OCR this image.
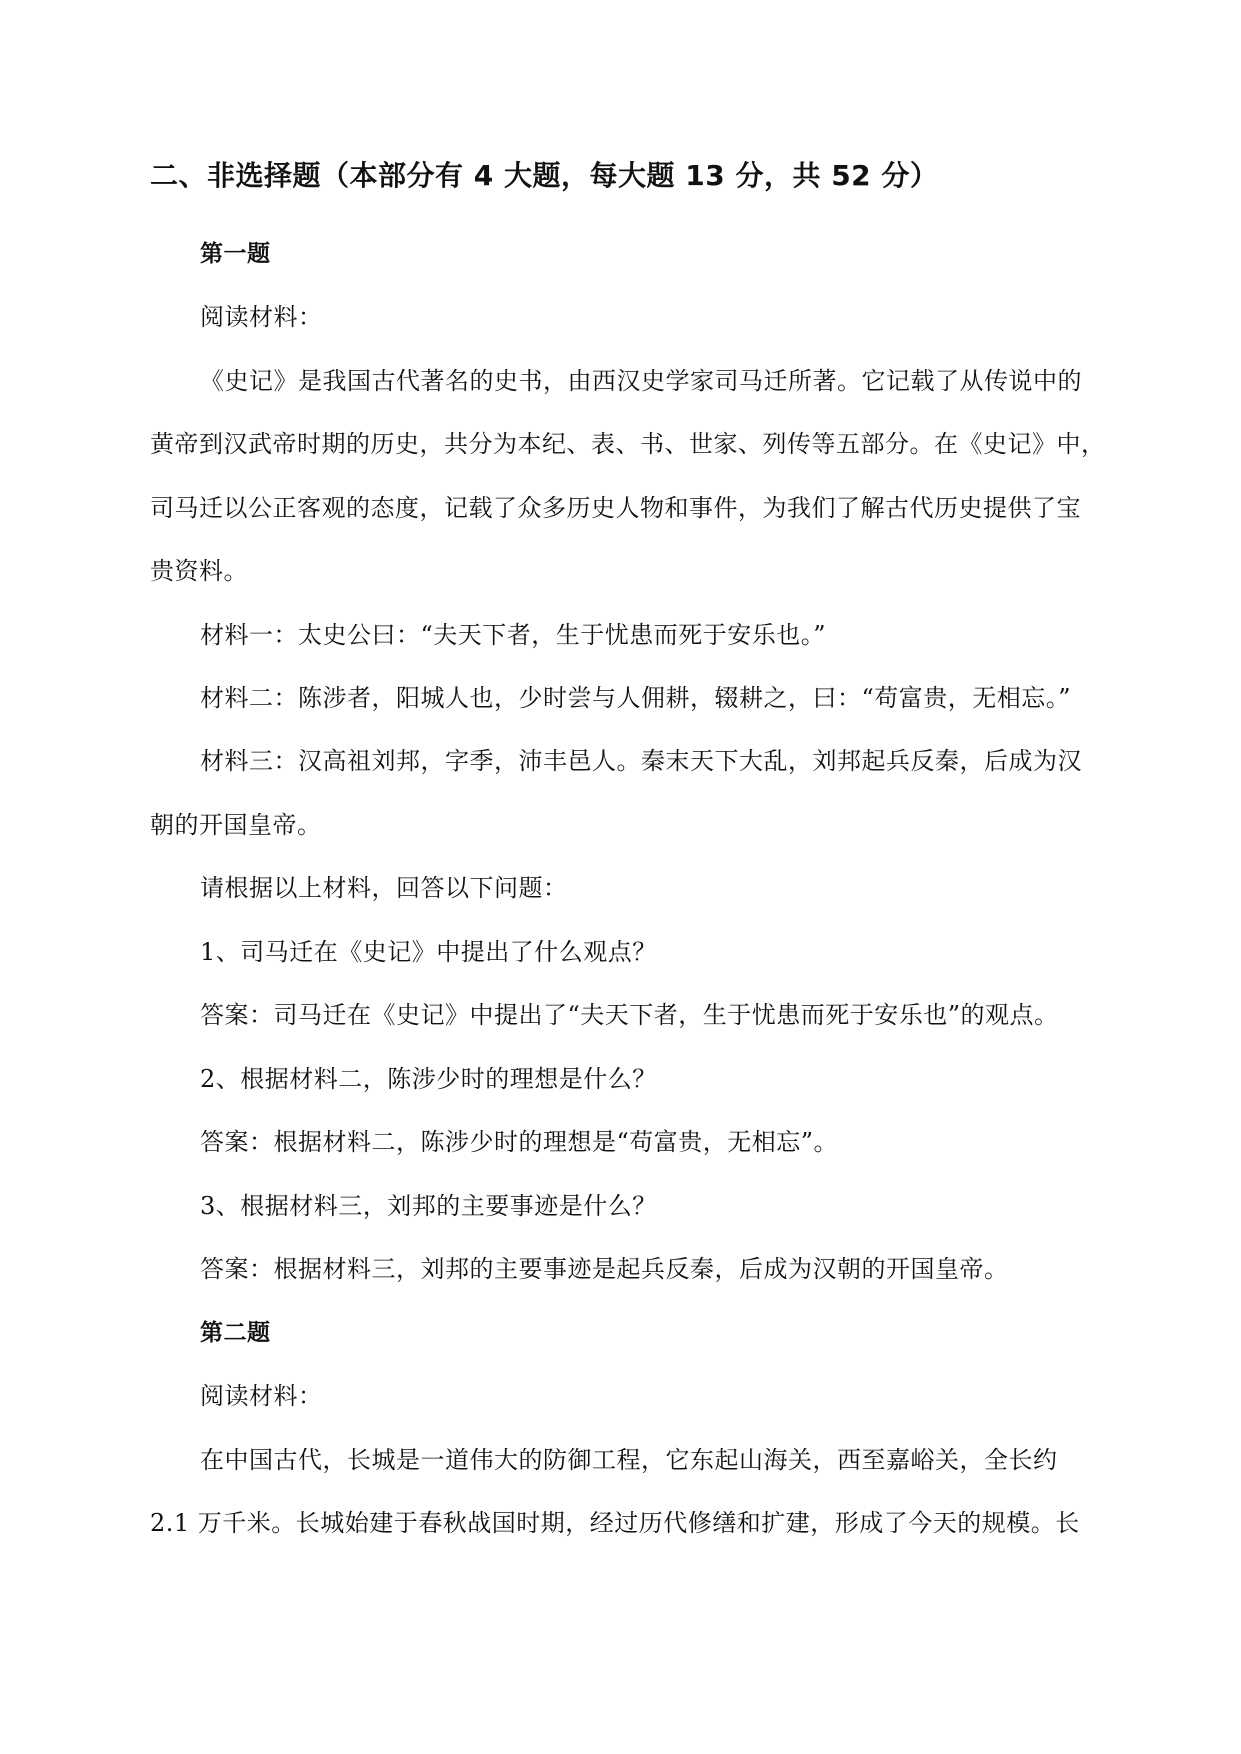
二、非选择题（本部分有 4 大题，每大题 13 分，共 52 分）
第一题
阅读材料：
《史记》是我国古代著名的史书，由西汉史学家司马迁所著。它记载了从传说中的
黄帝到汉武帝时期的历史，共分为本纪、表、书、世家、列传等五部分。在《史记》中，
司马迁以公正客观的态度，记载了众多历史人物和事件，为我们了解古代历史提供了宝
贵资料。
材料一：太史公曰：“夫天下者，生于忧患而死于安乐也。”
材料二：陈涉者，阳城人也，少时尝与人佣耕，辍耕之，曰：“苟富贵，无相忘。”
材料三：汉高祖刘邦，字季，沛丰邑人。秦末天下大乱，刘邦起兵反秦，后成为汉
朝的开国皇帝。
请根据以上材料，回答以下问题：
1、司马迁在《史记》中提出了什么观点？
答案：司马迁在《史记》中提出了“夫天下者，生于忧患而死于安乐也”的观点。
2、根据材料二，陈涉少时的理想是什么？
答案：根据材料二，陈涉少时的理想是“苟富贵，无相忘”。
3、根据材料三，刘邦的主要事迹是什么？
答案：根据材料三，刘邦的主要事迹是起兵反秦，后成为汉朝的开国皇帝。
第二题
阅读材料：
在中国古代，长城是一道伟大的防御工程，它东起山海关，西至嘉峪关，全长约
2.1 万千米。长城始建于春秋战国时期，经过历代修缮和扩建，形成了今天的规模。长
